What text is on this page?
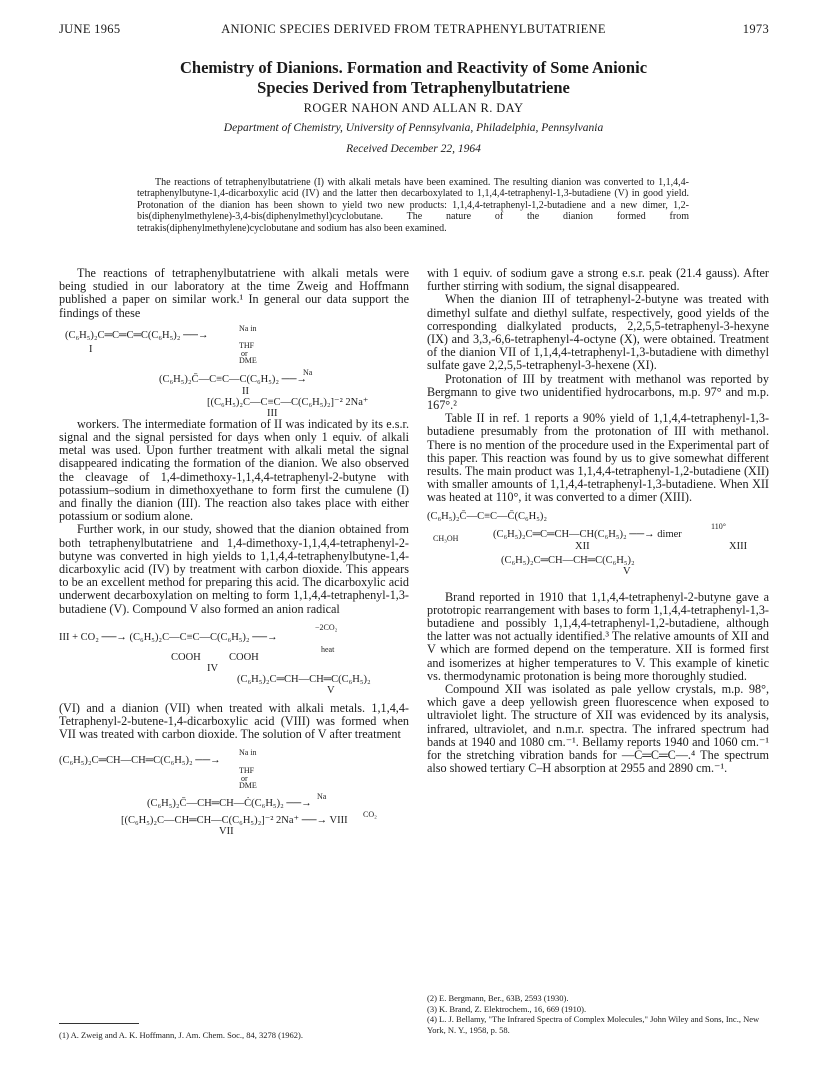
JUNE 1965	ANIONIC SPECIES DERIVED FROM TETRAPHENYLBUTATRIENE	1973
Chemistry of Dianions. Formation and Reactivity of Some Anionic
Species Derived from Tetraphenylbutatriene
ROGER NAHON AND ALLAN R. DAY
Department of Chemistry, University of Pennsylvania, Philadelphia, Pennsylvania
Received December 22, 1964
The reactions of tetraphenylbutatriene (I) with alkali metals have been examined. The resulting dianion was converted to 1,1,4,4-tetraphenylbutyne-1,4-dicarboxylic acid (IV) and the latter then decarboxylated to 1,1,4,4-tetraphenyl-1,3-butadiene (V) in good yield. Protonation of the dianion has been shown to yield two new products: 1,1,4,4-tetraphenyl-1,2-butadiene and a new dimer, 1,2-bis(diphenylmethylene)-3,4-bis(diphenylmethyl)cyclobutane. The nature of the dianion formed from tetrakis(diphenylmethylene)cyclobutane and sodium has also been examined.

The reactions of tetraphenylbutatriene with alkali metals were being studied in our laboratory at the time Zweig and Hoffmann published a paper on similar work.¹ In general our data support the findings of these

Na in
(C₆H₅)₂C═C═C═C(C₆H₅)₂ ──→
THF
I	or
DME
Na
(C₆H₅)₂C̄—C≡C—C(C₆H₅)₂ ──→
II
[(C₆H₅)₂C—C≡C—C(C₆H₅)₂]⁻² 2Na⁺
III

workers. The intermediate formation of II was indicated by its e.s.r. signal and the signal persisted for days when only 1 equiv. of alkali metal was used. Upon further treatment with alkali metal the signal disappeared indicating the formation of the dianion. We also observed the cleavage of 1,4-dimethoxy-1,1,4,4-tetraphenyl-2-butyne with potassium–sodium in dimethoxyethane to form first the cumulene (I) and finally the dianion (III). The reaction also takes place with either potassium or sodium alone.

Further work, in our study, showed that the dianion obtained from both tetraphenylbutatriene and 1,4-dimethoxy-1,1,4,4-tetraphenyl-2-butyne was converted in high yields to 1,1,4,4-tetraphenylbutyne-1,4-dicarboxylic acid (IV) by treatment with carbon dioxide. This appears to be an excellent method for preparing this acid. The dicarboxylic acid underwent decarboxylation on melting to form 1,1,4,4-tetraphenyl-1,3-butadiene (V). Compound V also formed an anion radical

−2CO₂
III + CO₂ ──→ (C₆H₅)₂C—C≡C—C(C₆H₅)₂ ──→
heat
COOH	COOH
IV
(C₆H₅)₂C═CH—CH═C(C₆H₅)₂
V

(VI) and a dianion (VII) when treated with alkali metals. 1,1,4,4-Tetraphenyl-2-butene-1,4-dicarboxylic acid (VIII) was formed when VII was treated with carbon dioxide. The solution of V after treatment

Na in
(C₆H₅)₂C═CH—CH═C(C₆H₅)₂ ──→
THF
or
DME
Na
(C₆H₅)₂C̄—CH═CH—Ċ(C₆H₅)₂ ──→
CO₂
[(C₆H₅)₂C—CH═CH—C(C₆H₅)₂]⁻² 2Na⁺ ──→ VIII
VII
(1) A. Zweig and A. K. Hoffmann, J. Am. Chem. Soc., 84, 3278 (1962).

with 1 equiv. of sodium gave a strong e.s.r. peak (21.4 gauss). After further stirring with sodium, the signal disappeared.

When the dianion III of tetraphenyl-2-butyne was treated with dimethyl sulfate and diethyl sulfate, respectively, good yields of the corresponding dialkylated products, 2,2,5,5-tetraphenyl-3-hexyne (IX) and 3,3,-6,6-tetraphenyl-4-octyne (X), were obtained. Treatment of the dianion VII of 1,1,4,4-tetraphenyl-1,3-butadiene with dimethyl sulfate gave 2,2,5,5-tetraphenyl-3-hexene (XI).

Protonation of III by treatment with methanol was reported by Bergmann to give two unidentified hydrocarbons, m.p. 97° and m.p. 167°.²

Table II in ref. 1 reports a 90% yield of 1,1,4,4-tetraphenyl-1,3-butadiene presumably from the protonation of III with methanol. There is no mention of the procedure used in the Experimental part of this paper. This reaction was found by us to give somewhat different results. The main product was 1,1,4,4-tetraphenyl-1,2-butadiene (XII) with smaller amounts of 1,1,4,4-tetraphenyl-1,3-butadiene. When XII was heated at 110°, it was converted to a dimer (XIII).

(C₆H₅)₂C̄—C≡C—C̄(C₆H₅)₂
110°
CH₃OH	(C₆H₅)₂C═C═CH—CH(C₆H₅)₂ ──→ dimer
XII	XIII
(C₆H₅)₂C═CH—CH═C(C₆H₅)₂
V

Brand reported in 1910 that 1,1,4,4-tetraphenyl-2-butyne gave a prototropic rearrangement with bases to form 1,1,4,4-tetraphenyl-1,3-butadiene and possibly 1,1,4,4-tetraphenyl-1,2-butadiene, although the latter was not actually identified.³ The relative amounts of XII and V which are formed depend on the temperature. XII is formed first and isomerizes at higher temperatures to V. This example of kinetic vs. thermodynamic protonation is being more thoroughly studied.

Compound XII was isolated as pale yellow crystals, m.p. 98°, which gave a deep yellowish green fluorescence when exposed to ultraviolet light. The structure of XII was evidenced by its analysis, infrared, ultraviolet, and n.m.r. spectra. The infrared spectrum had bands at 1940 and 1080 cm.⁻¹. Bellamy reports 1940 and 1060 cm.⁻¹ for the stretching vibration bands for —C═C═C—.⁴ The spectrum also showed tertiary C–H absorption at 2955 and 2890 cm.⁻¹.

(2) E. Bergmann, Ber., 63B, 2593 (1930).
(3) K. Brand, Z. Elektrochem., 16, 669 (1910).
(4) L. J. Bellamy, "The Infrared Spectra of Complex Molecules," John Wiley and Sons, Inc., New York, N. Y., 1958, p. 58.
